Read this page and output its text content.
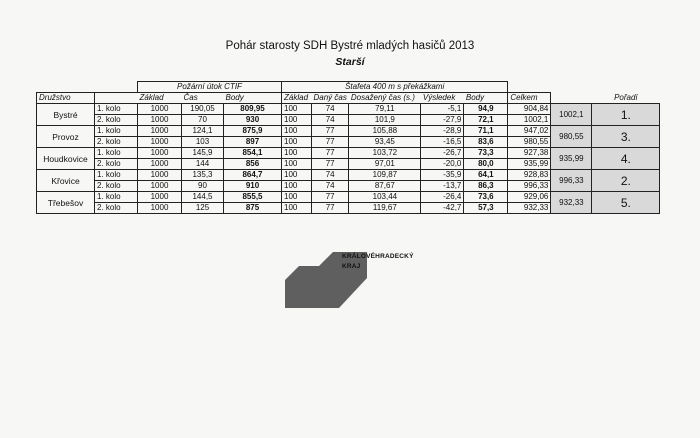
Pohár starosty SDH Bystré mladých hasičů 2013
Starší
		Požární útok CTIF			Štafeta 400 m s překážkami							
Družstvo		Základ	Čas	Body	Základ	Daný čas	Dosažený čas (s.)	Výsledek	Body	Celkem		Pořadí
Bystré	1. kolo	1000	190,05	809,95	100	74	79,11	-5,1	94,9	904,84	1002,1	1.
	2. kolo	1000	70	930	100	74	101,9	-27,9	72,1	1002,1		
Provoz	1. kolo	1000	124,1	875,9	100	77	105,88	-28,9	71,1	947,02	980,55	3.
	2. kolo	1000	103	897	100	77	93,45	-16,5	83,6	980,55		
Houdkovice	1. kolo	1000	145,9	854,1	100	77	103,72	-26,7	73,3	927,38	935,99	4.
	2. kolo	1000	144	856	100	77	97,01	-20,0	80,0	935,99		
Křovice	1. kolo	1000	135,3	864,7	100	74	109,87	-35,9	64,1	928,83	996,33	2.
	2. kolo	1000	90	910	100	74	87,67	-13,7	86,3	996,33		
Třebešov	1. kolo	1000	144,5	855,5	100	77	103,44	-26,4	73,6	929,06	932,33	5.
	2. kolo	1000	125	875	100	77	119,67	-42,7	57,3	932,33		
KRÁLOVÉHRADECKÝ
KRAJ
